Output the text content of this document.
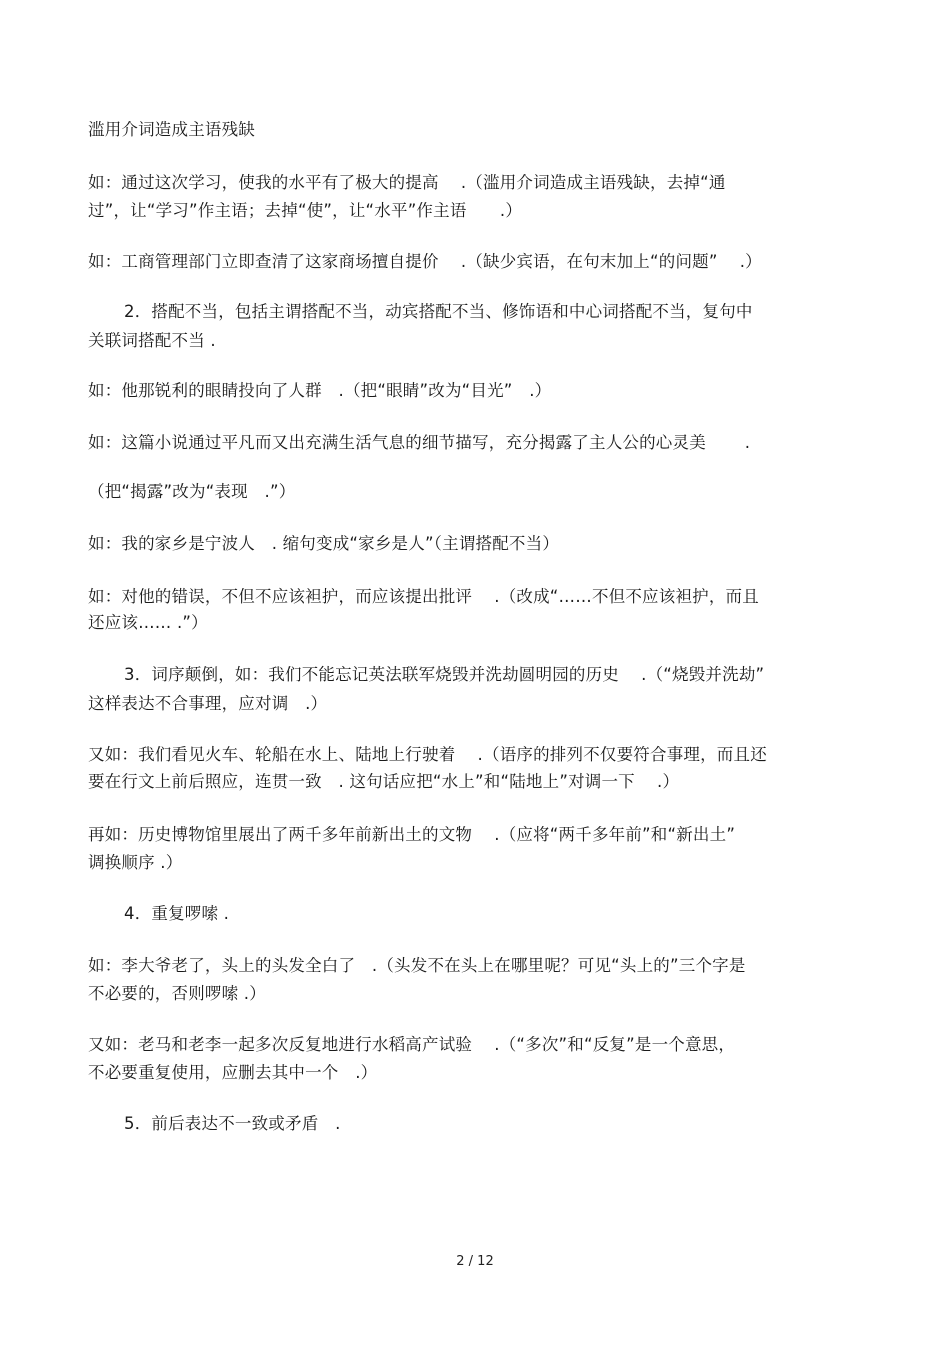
滥用介词造成主语残缺
如：通过这次学习，使我的水平有了极大的提高　 .（滥用介词造成主语残缺，去掉“通
过”，让“学习”作主语；去掉“使”，让“水平”作主语　　.）
如：工商管理部门立即查清了这家商场擅自提价　 .（缺少宾语，在句末加上“的问题”　 .）
2．搭配不当，包括主谓搭配不当，动宾搭配不当、修饰语和中心词搭配不当，复句中
关联词搭配不当 .
如：他那锐利的眼睛投向了人群　.（把“眼睛”改为“目光”　.）
如：这篇小说通过平凡而又出充满生活气息的细节描写，充分揭露了主人公的心灵美　　 .
（把“揭露”改为“表现　.”）
如：我的家乡是宁波人　. 缩句变成“家乡是人”（主谓搭配不当）
如：对他的错误，不但不应该袒护，而应该提出批评　 .（改成“……不但不应该袒护，而且
还应该…… .”）
3．词序颠倒，如：我们不能忘记英法联军烧毁并洗劫圆明园的历史　 .（“烧毁并洗劫”
这样表达不合事理，应对调　.）
又如：我们看见火车、轮船在水上、陆地上行驶着　 .（语序的排列不仅要符合事理，而且还
要在行文上前后照应，连贯一致　. 这句话应把“水上”和“陆地上”对调一下　 .）
再如：历史博物馆里展出了两千多年前新出土的文物　 .（应将“两千多年前”和“新出土”
调换顺序 .）
4．重复啰嗦 .
如：李大爷老了，头上的头发全白了　.（头发不在头上在哪里呢？可见“头上的”三个字是
不必要的，否则啰嗦 .）
又如：老马和老李一起多次反复地进行水稻高产试验　 .（“多次”和“反复”是一个意思，
不必要重复使用，应删去其中一个　.）
5．前后表达不一致或矛盾　.
2 / 12
